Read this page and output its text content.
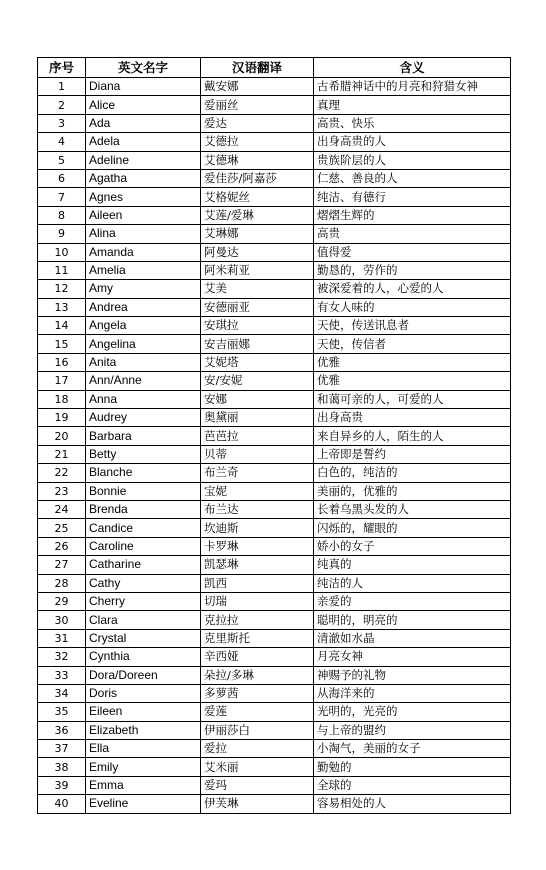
序号	英文名字	汉语翻译	含义
1	Diana	戴安娜	古希腊神话中的月亮和狩猎女神
2	Alice	爱丽丝	真理
3	Ada	爱达	高贵、快乐
4	Adela	艾德拉	出身高贵的人
5	Adeline	艾德琳	贵族阶层的人
6	Agatha	爱佳莎/阿嘉莎	仁慈、善良的人
7	Agnes	艾格妮丝	纯洁、有德行
8	Aileen	艾莲/爱琳	熠熠生辉的
9	Alina	艾琳娜	高贵
10	Amanda	阿曼达	值得爱
11	Amelia	阿米莉亚	勤恳的，劳作的
12	Amy	艾美	被深爱着的人，心爱的人
13	Andrea	安德丽亚	有女人味的
14	Angela	安琪拉	天使，传送讯息者
15	Angelina	安吉丽娜	天使，传信者
16	Anita	艾妮塔	优雅
17	Ann/Anne	安/安妮	优雅
18	Anna	安娜	和蔼可亲的人，可爱的人
19	Audrey	奥黛丽	出身高贵
20	Barbara	芭芭拉	来自异乡的人，陌生的人
21	Betty	贝蒂	上帝即是誓约
22	Blanche	布兰奇	白色的，纯洁的
23	Bonnie	宝妮	美丽的，优雅的
24	Brenda	布兰达	长着乌黑头发的人
25	Candice	坎迪斯	闪烁的，耀眼的
26	Caroline	卡罗琳	娇小的女子
27	Catharine	凯瑟琳	纯真的
28	Cathy	凯西	纯洁的人
29	Cherry	切瑞	亲爱的
30	Clara	克拉拉	聪明的，明亮的
31	Crystal	克里斯托	清澈如水晶
32	Cynthia	辛西娅	月亮女神
33	Dora/Doreen	朵拉/多琳	神赐予的礼物
34	Doris	多萝茜	从海洋来的
35	Eileen	爱莲	光明的，光亮的
36	Elizabeth	伊丽莎白	与上帝的盟约
37	Ella	爱拉	小淘气，美丽的女子
38	Emily	艾米丽	勤勉的
39	Emma	爱玛	全球的
40	Eveline	伊芙琳	容易相处的人
